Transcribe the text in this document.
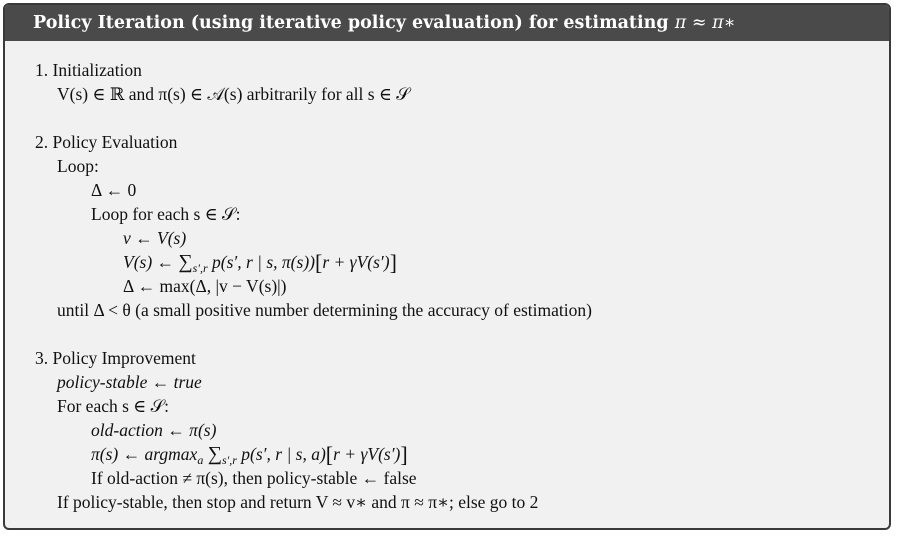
Policy Iteration (using iterative policy evaluation) for estimating π ≈ π∗
1. Initialization
V(s) ∈ ℝ and π(s) ∈ 𝒜(s) arbitrarily for all s ∈ 𝒮
2. Policy Evaluation
Loop:
Δ ← 0
Loop for each s ∈ 𝒮:
v ← V(s)
V(s) ← $\sum_{s',r}$ p(s′, r | s, π(s))[r + γV(s′)]
Δ ← max(Δ, |v − V(s)|)
until Δ < θ (a small positive number determining the accuracy of estimation)
3. Policy Improvement
policy-stable ← true
For each s ∈ 𝒮:
old-action ← π(s)
π(s) ← argmax$_a$ $\sum_{s',r}$ p(s′, r | s, a)[r + γV(s′)]
If old-action ≠ π(s), then policy-stable ← false
If policy-stable, then stop and return V ≈ v∗ and π ≈ π∗; else go to 2
